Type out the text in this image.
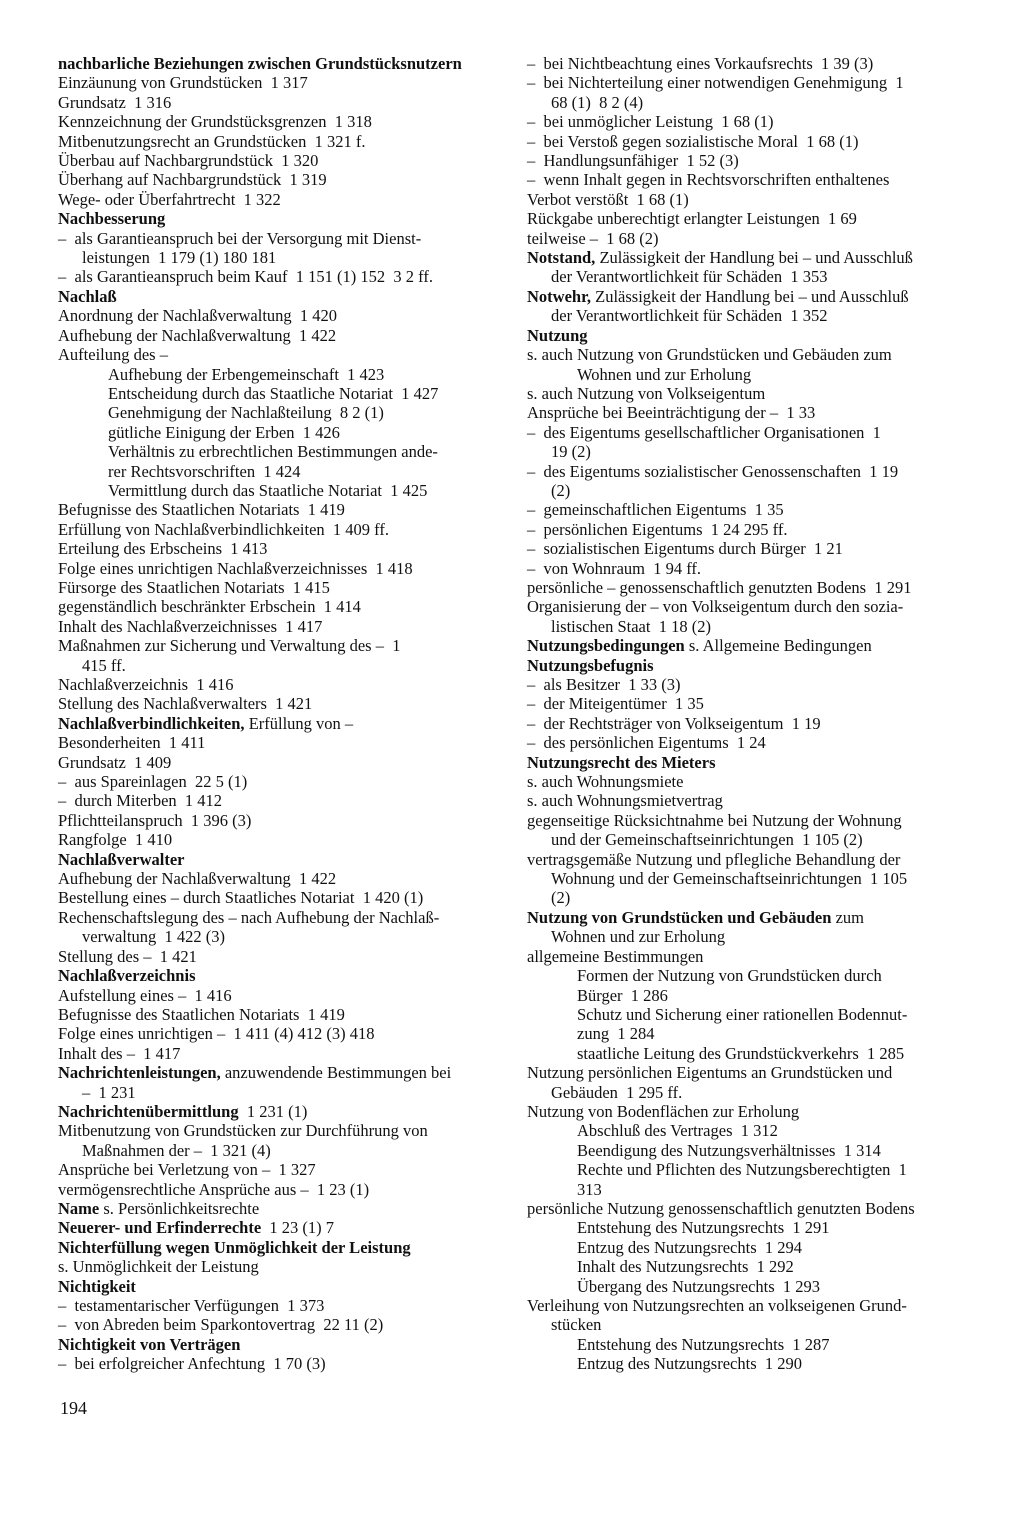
nachbarliche Beziehungen zwischen Grundstücksnutzern
Einzäunung von Grundstücken  1 317
Grundsatz  1 316
Kennzeichnung der Grundstücksgrenzen  1 318
Mitbenutzungsrecht an Grundstücken  1 321 f.
Überbau auf Nachbargrundstück  1 320
Überhang auf Nachbargrundstück  1 319
Wege- oder Überfahrtrecht  1 322
Nachbesserung
–  als Garantieanspruch bei der Versorgung mit Dienst-
leistungen  1 179 (1) 180 181
–  als Garantieanspruch beim Kauf  1 151 (1) 152  3 2 ff.
Nachlaß
Anordnung der Nachlaßverwaltung  1 420
Aufhebung der Nachlaßverwaltung  1 422
Aufteilung des –
Aufhebung der Erbengemeinschaft  1 423
Entscheidung durch das Staatliche Notariat  1 427
Genehmigung der Nachlaßteilung  8 2 (1)
gütliche Einigung der Erben  1 426
Verhältnis zu erbrechtlichen Bestimmungen ande-
rer Rechtsvorschriften  1 424
Vermittlung durch das Staatliche Notariat  1 425
Befugnisse des Staatlichen Notariats  1 419
Erfüllung von Nachlaßverbindlichkeiten  1 409 ff.
Erteilung des Erbscheins  1 413
Folge eines unrichtigen Nachlaßverzeichnisses  1 418
Fürsorge des Staatlichen Notariats  1 415
gegenständlich beschränkter Erbschein  1 414
Inhalt des Nachlaßverzeichnisses  1 417
Maßnahmen zur Sicherung und Verwaltung des –  1
415 ff.
Nachlaßverzeichnis  1 416
Stellung des Nachlaßverwalters  1 421
Nachlaßverbindlichkeiten, Erfüllung von –
Besonderheiten  1 411
Grundsatz  1 409
–  aus Spareinlagen  22 5 (1)
–  durch Miterben  1 412
Pflichtteilanspruch  1 396 (3)
Rangfolge  1 410
Nachlaßverwalter
Aufhebung der Nachlaßverwaltung  1 422
Bestellung eines – durch Staatliches Notariat  1 420 (1)
Rechenschaftslegung des – nach Aufhebung der Nachlaß-
verwaltung  1 422 (3)
Stellung des –  1 421
Nachlaßverzeichnis
Aufstellung eines –  1 416
Befugnisse des Staatlichen Notariats  1 419
Folge eines unrichtigen –  1 411 (4) 412 (3) 418
Inhalt des –  1 417
Nachrichtenleistungen, anzuwendende Bestimmungen bei
–  1 231
Nachrichtenübermittlung  1 231 (1)
Mitbenutzung von Grundstücken zur Durchführung von
Maßnahmen der –  1 321 (4)
Ansprüche bei Verletzung von –  1 327
vermögensrechtliche Ansprüche aus –  1 23 (1)
Name s. Persönlichkeitsrechte
Neuerer- und Erfinderrechte  1 23 (1) 7
Nichterfüllung wegen Unmöglichkeit der Leistung
s. Unmöglichkeit der Leistung
Nichtigkeit
–  testamentarischer Verfügungen  1 373
–  von Abreden beim Sparkontovertrag  22 11 (2)
Nichtigkeit von Verträgen
–  bei erfolgreicher Anfechtung  1 70 (3)
–  bei Nichtbeachtung eines Vorkaufsrechts  1 39 (3)
–  bei Nichterteilung einer notwendigen Genehmigung  1
68 (1)  8 2 (4)
–  bei unmöglicher Leistung  1 68 (1)
–  bei Verstoß gegen sozialistische Moral  1 68 (1)
–  Handlungsunfähiger  1 52 (3)
–  wenn Inhalt gegen in Rechtsvorschriften enthaltenes
Verbot verstößt  1 68 (1)
Rückgabe unberechtigt erlangter Leistungen  1 69
teilweise –  1 68 (2)
Notstand, Zulässigkeit der Handlung bei – und Ausschluß
der Verantwortlichkeit für Schäden  1 353
Notwehr, Zulässigkeit der Handlung bei – und Ausschluß
der Verantwortlichkeit für Schäden  1 352
Nutzung
s. auch Nutzung von Grundstücken und Gebäuden zum
Wohnen und zur Erholung
s. auch Nutzung von Volkseigentum
Ansprüche bei Beeinträchtigung der –  1 33
–  des Eigentums gesellschaftlicher Organisationen  1
19 (2)
–  des Eigentums sozialistischer Genossenschaften  1 19
(2)
–  gemeinschaftlichen Eigentums  1 35
–  persönlichen Eigentums  1 24 295 ff.
–  sozialistischen Eigentums durch Bürger  1 21
–  von Wohnraum  1 94 ff.
persönliche – genossenschaftlich genutzten Bodens  1 291
Organisierung der – von Volkseigentum durch den sozia-
listischen Staat  1 18 (2)
Nutzungsbedingungen s. Allgemeine Bedingungen
Nutzungsbefugnis
–  als Besitzer  1 33 (3)
–  der Miteigentümer  1 35
–  der Rechtsträger von Volkseigentum  1 19
–  des persönlichen Eigentums  1 24
Nutzungsrecht des Mieters
s. auch Wohnungsmiete
s. auch Wohnungsmietvertrag
gegenseitige Rücksichtnahme bei Nutzung der Wohnung
und der Gemeinschaftseinrichtungen  1 105 (2)
vertragsgemäße Nutzung und pflegliche Behandlung der
Wohnung und der Gemeinschaftseinrichtungen  1 105
(2)
Nutzung von Grundstücken und Gebäuden zum
Wohnen und zur Erholung
allgemeine Bestimmungen
Formen der Nutzung von Grundstücken durch
Bürger  1 286
Schutz und Sicherung einer rationellen Bodennut-
zung  1 284
staatliche Leitung des Grundstückverkehrs  1 285
Nutzung persönlichen Eigentums an Grundstücken und
Gebäuden  1 295 ff.
Nutzung von Bodenflächen zur Erholung
Abschluß des Vertrages  1 312
Beendigung des Nutzungsverhältnisses  1 314
Rechte und Pflichten des Nutzungsberechtigten  1
313
persönliche Nutzung genossenschaftlich genutzten Bodens
Entstehung des Nutzungsrechts  1 291
Entzug des Nutzungsrechts  1 294
Inhalt des Nutzungsrechts  1 292
Übergang des Nutzungsrechts  1 293
Verleihung von Nutzungsrechten an volkseigenen Grund-
stücken
Entstehung des Nutzungsrechts  1 287
Entzug des Nutzungsrechts  1 290
194
